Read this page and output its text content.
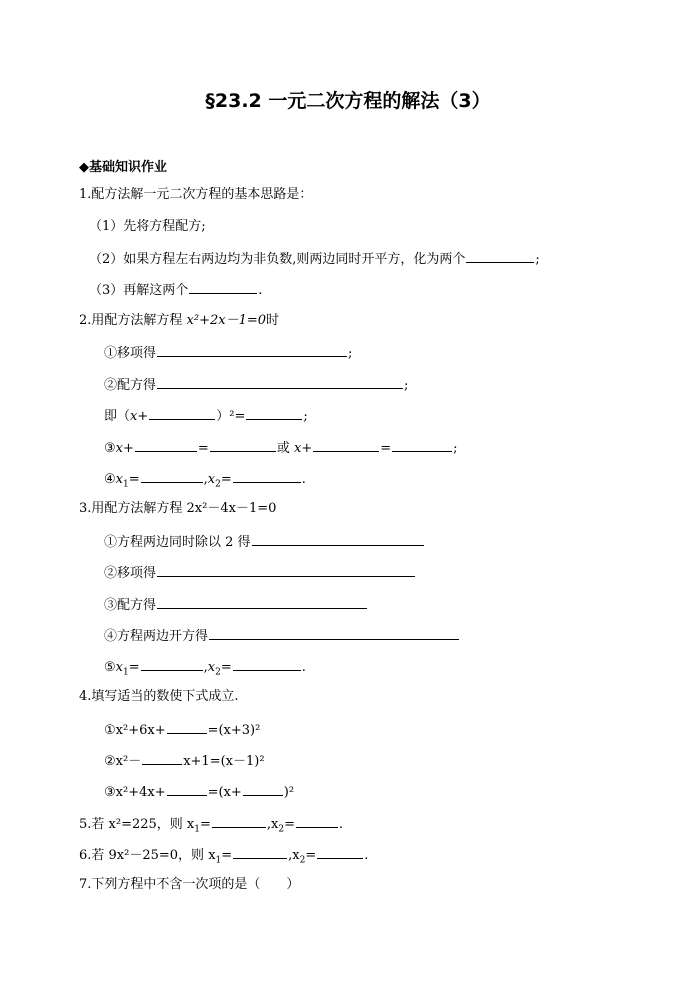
§23.2 一元二次方程的解法（3）
◆基础知识作业
1.配方法解一元二次方程的基本思路是：
（1）先将方程配方;
（2）如果方程左右两边均为非负数,则两边同时开平方，化为两个	;
（3）再解这两个	.
2.用配方法解方程 x²+2x－1=0时
①移项得	;
②配方得	;
即（x+	）²=	;
③x+	=	或 x+	=	;
$④x_1=$	$,x_2=$	.
3.用配方法解方程 2x²－4x－1=0
①方程两边同时除以 2 得
②移项得
③配方得
④方程两边开方得
$⑤x_1=$	$,x_2=$	.
4.填写适当的数使下式成立.
①x²+6x+	=(x+3)²
②x²－	x+1=(x－1)²
③x²+4x+	=(x+	)²
5.若 x²=225，则 $x_1=$	$,x_2=$	.
6.若 9x²－25=0，则 $x_1=$	$,x_2=$	.
7.下列方程中不含一次项的是（　　）
